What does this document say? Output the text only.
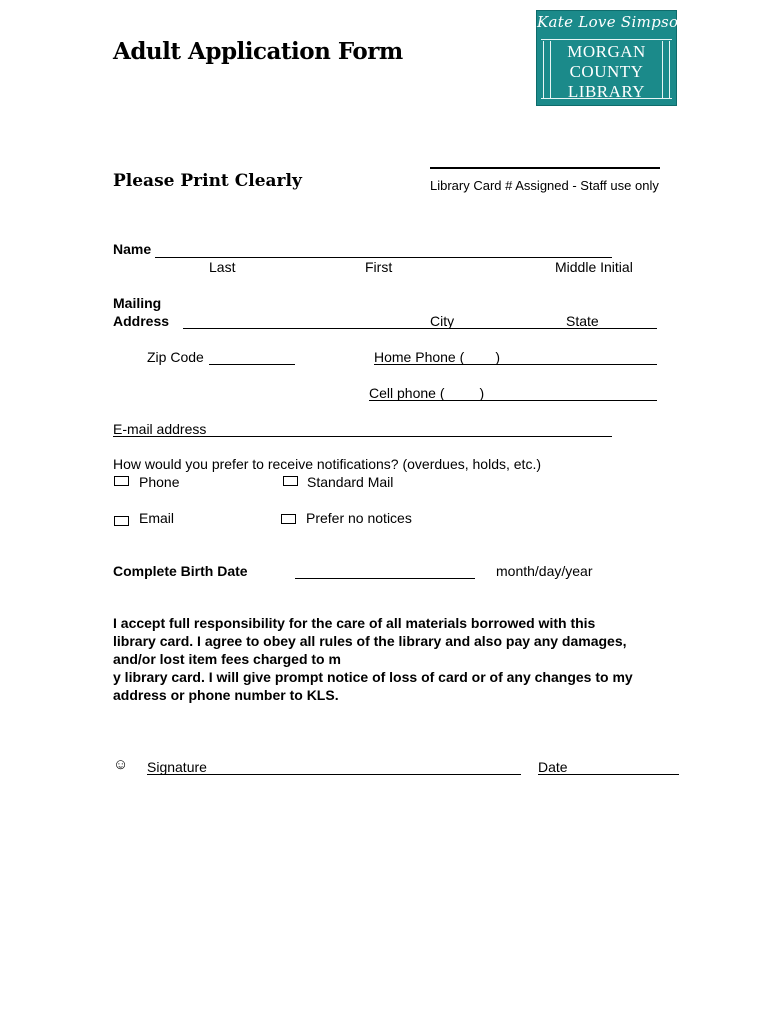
Adult Application Form
Kate Love Simpson
MORGAN
COUNTY
LIBRARY
Library Card # Assigned - Staff use only
Please Print Clearly
Name
Last	First	Middle Initial
Mailing
Address	City	State
Zip Code	Home Phone (        )
Cell phone (         )
E-mail address
How would you prefer to receive notifications? (overdues, holds, etc.)
Phone	Standard Mail
Email	Prefer no notices
Complete Birth Date	month/day/year
I accept full responsibility for the care of all materials borrowed with this
library card. I agree to obey all rules of the library and also pay any damages,
and/or lost item fees charged to m
y library card. I will give prompt notice of loss of card or of any changes to my
address or phone number to KLS.
☺ Signature	Date
